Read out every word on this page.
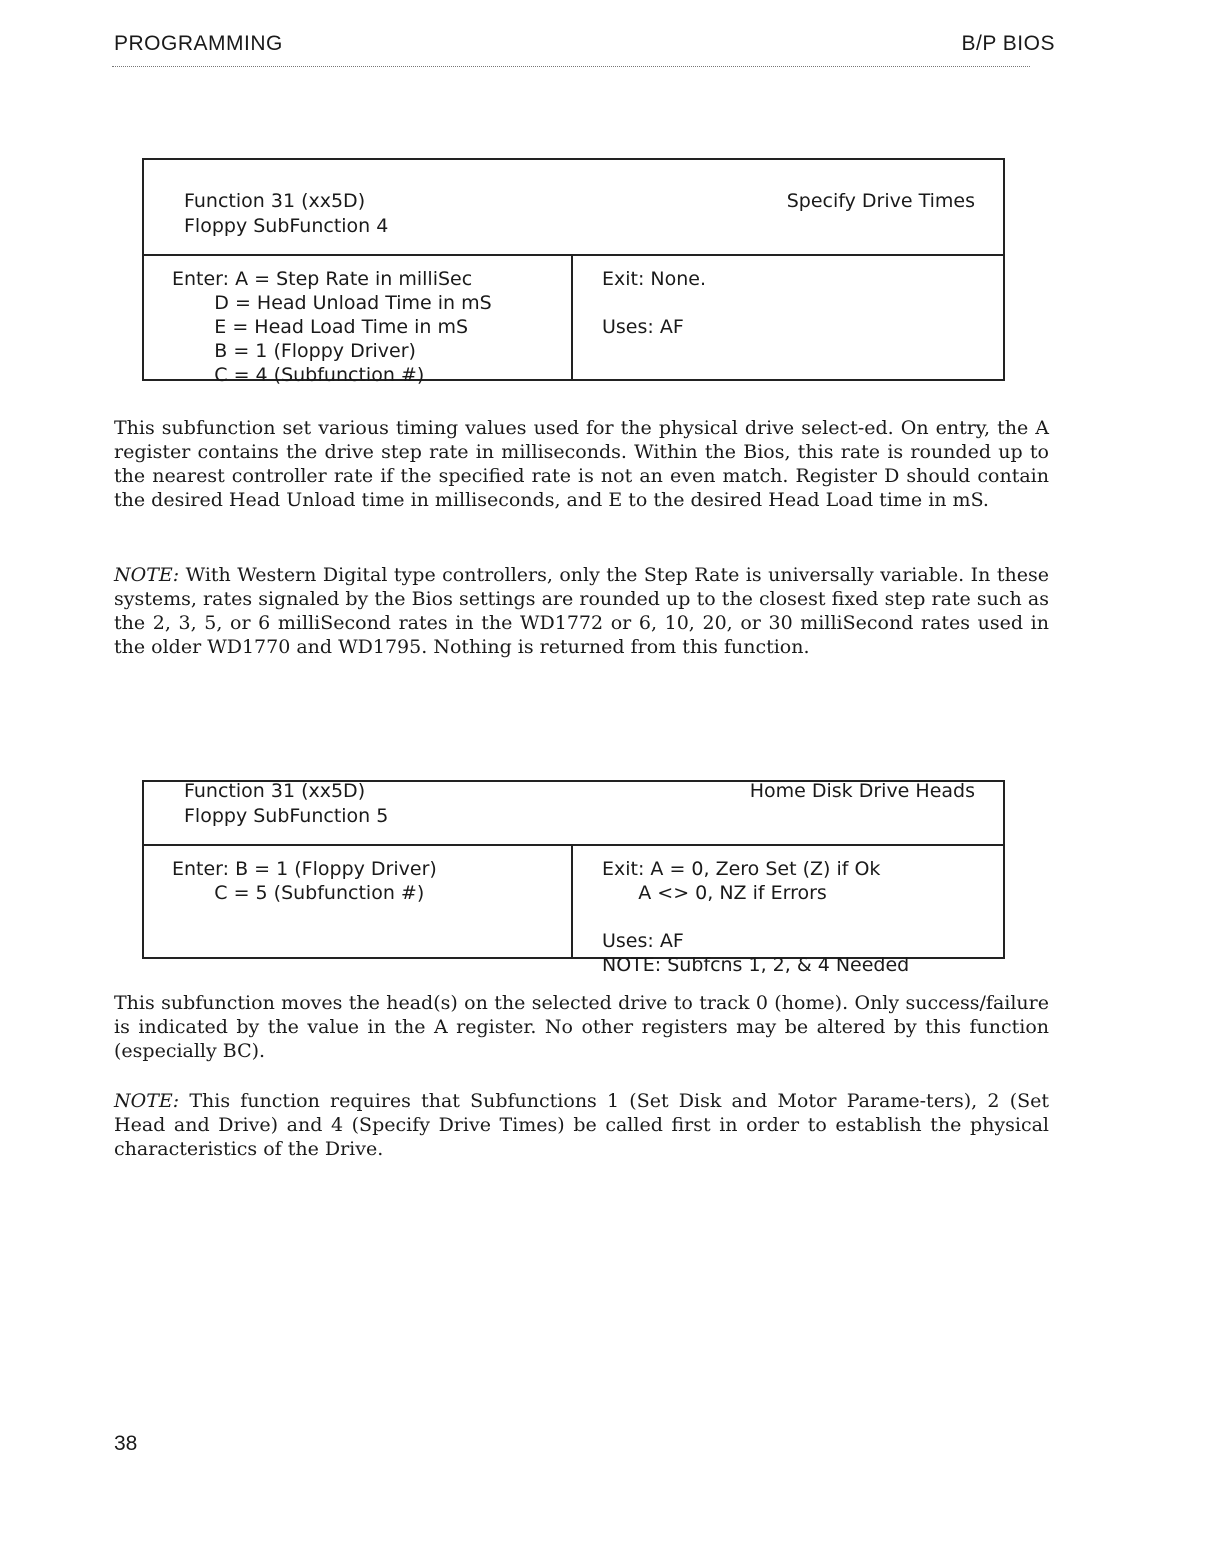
PROGRAMMING	B/P BIOS
Function 31 (xx5D)
Floppy SubFunction 4
Specify Drive Times
Enter: A = Step Rate in milliSec
D = Head Unload Time in mS
E = Head Load Time in mS
B = 1 (Floppy Driver)
C = 4 (Subfunction #)
Exit: None.
Uses: AF

This subfunction set various timing values used for the physical drive select-ed. On entry, the A register contains the drive step rate in milliseconds. Within the Bios, this rate is rounded up to the nearest controller rate if the specified rate is not an even match. Register D should contain the desired Head Unload time in milliseconds, and E to the desired Head Load time in mS.

NOTE: With Western Digital type controllers, only the Step Rate is universally variable. In these systems, rates signaled by the Bios settings are rounded up to the closest fixed step rate such as the 2, 3, 5, or 6 milliSecond rates in the WD1772 or 6, 10, 20, or 30 milliSecond rates used in the older WD1770 and WD1795. Nothing is returned from this function.

Function 31 (xx5D)
Floppy SubFunction 5
Home Disk Drive Heads
Enter: B = 1 (Floppy Driver)
C = 5 (Subfunction #)
Exit: A = 0, Zero Set (Z) if Ok
A <> 0, NZ if Errors
Uses: AF
NOTE: Subfcns 1, 2, & 4 Needed

This subfunction moves the head(s) on the selected drive to track 0 (home). Only success/failure is indicated by the value in the A register. No other registers may be altered by this function (especially BC).

NOTE: This function requires that Subfunctions 1 (Set Disk and Motor Parame-ters), 2 (Set Head and Drive) and 4 (Specify Drive Times) be called first in order to establish the physical characteristics of the Drive.

38
